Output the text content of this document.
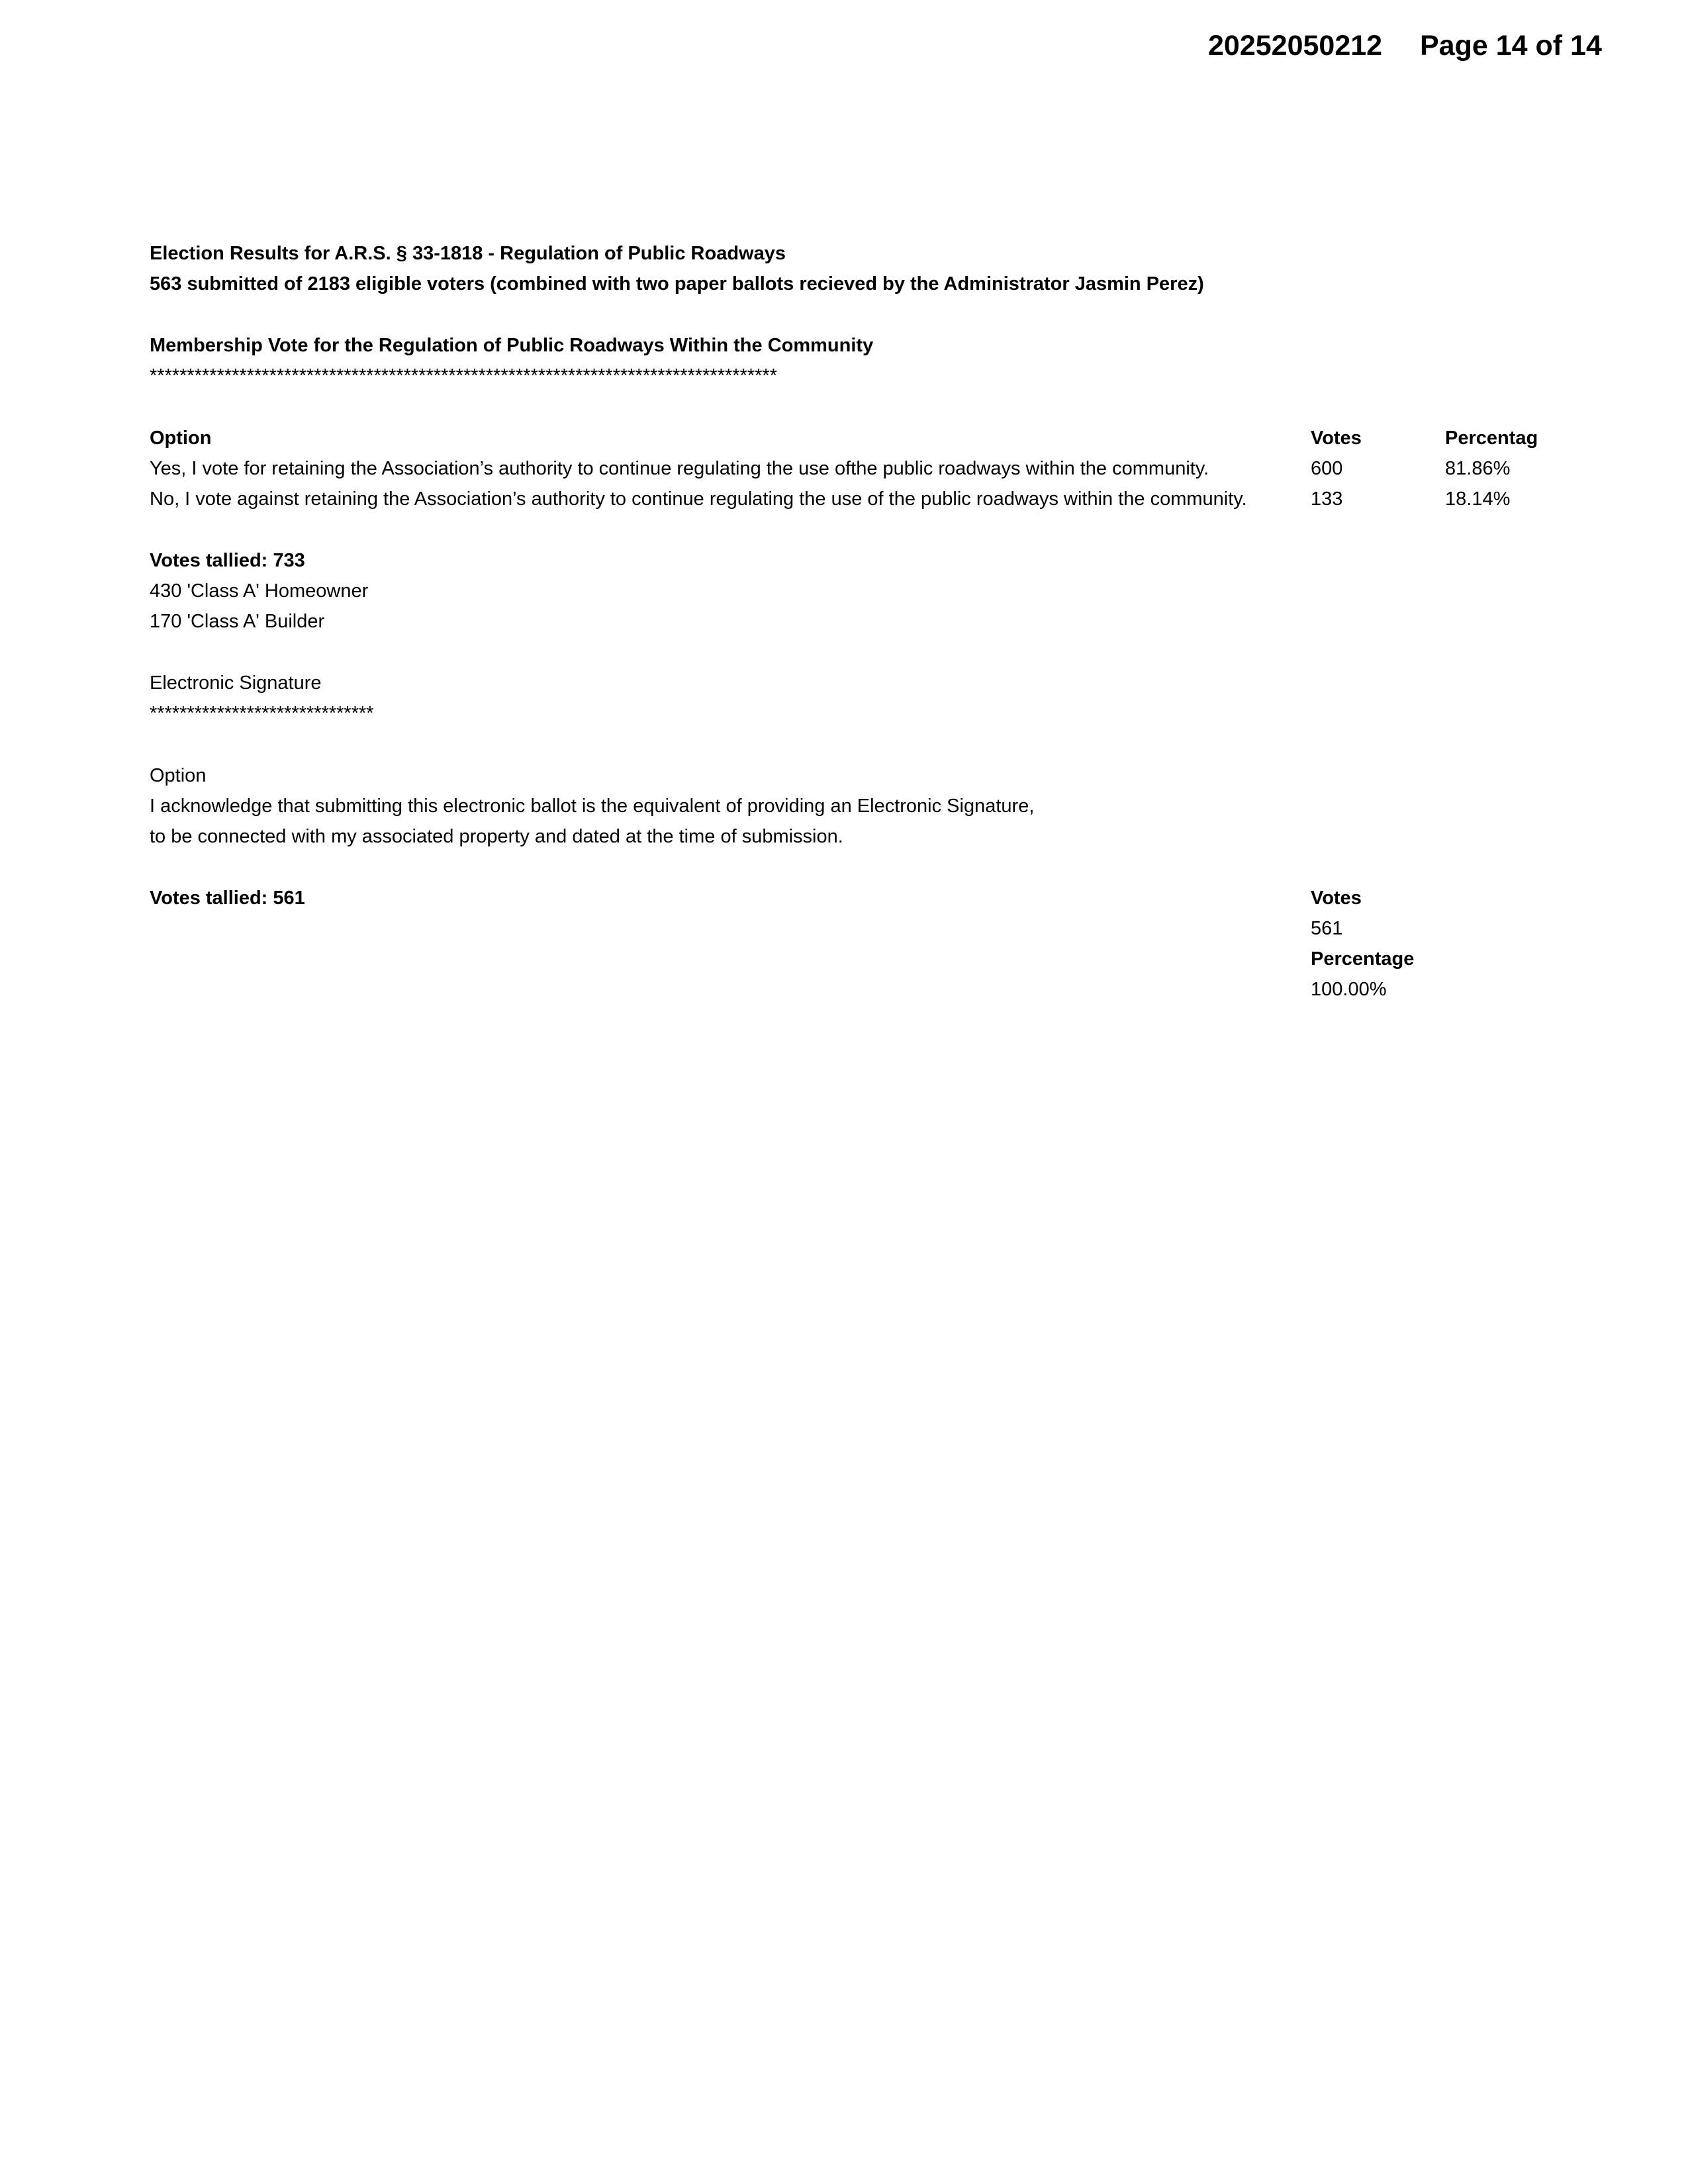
20252050212 Page 14 of 14
Election Results for A.R.S. § 33-1818 - Regulation of Public Roadways
563 submitted of 2183 eligible voters (combined with two paper ballots recieved by the Administrator Jasmin Perez)
Membership Vote for the Regulation of Public Roadways Within the Community
************************************************************************************
Option	Votes	Percentag
Yes, I vote for retaining the Association’s authority to continue regulating the use ofthe public roadways within the community.	600	81.86%
No, I vote against retaining the Association’s authority to continue regulating the use of the public roadways within the community.	133	18.14%
Votes tallied: 733
430 'Class A' Homeowner
170 'Class A' Builder
Electronic Signature
******************************
Option
I acknowledge that submitting this electronic ballot is the equivalent of providing an Electronic Signature,
to be connected with my associated property and dated at the time of submission.
Votes tallied: 561	Votes
561
Percentage
100.00%
